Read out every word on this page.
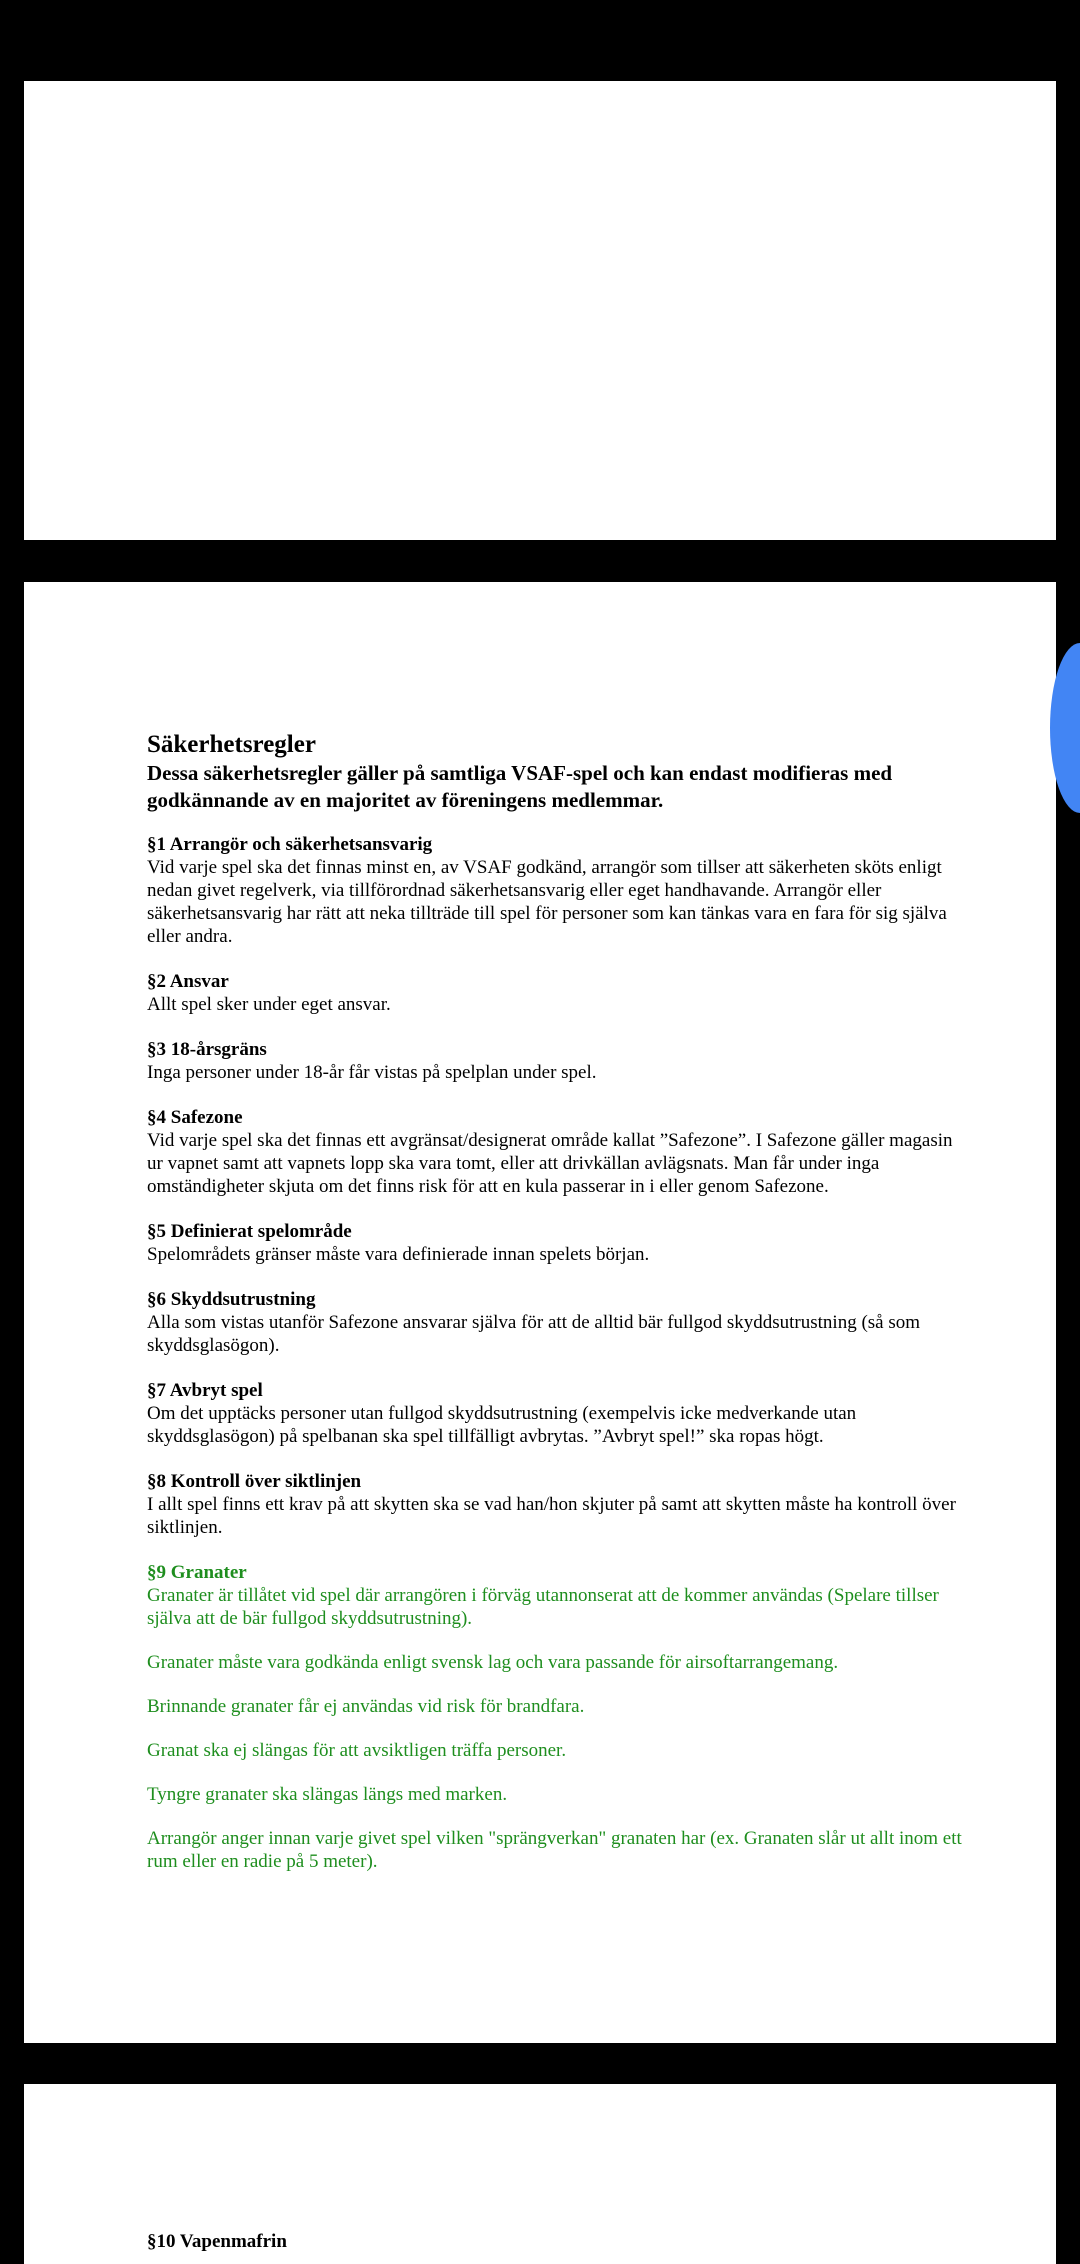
Säkerhetsregler

Dessa säkerhetsregler gäller på samtliga VSAF-spel och kan endast modifieras med godkännande av en majoritet av föreningens medlemmar.

§1 Arrangör och säkerhetsansvarig

Vid varje spel ska det finnas minst en, av VSAF godkänd, arrangör som tillser att säkerheten sköts enligt nedan givet regelverk, via tillförordnad säkerhetsansvarig eller eget handhavande. Arrangör eller säkerhetsansvarig har rätt att neka tillträde till spel för personer som kan tänkas vara en fara för sig själva eller andra.

§2 Ansvar

Allt spel sker under eget ansvar.

§3 18-årsgräns

Inga personer under 18-år får vistas på spelplan under spel.

§4 Safezone

Vid varje spel ska det finnas ett avgränsat/designerat område kallat ”Safezone”. I Safezone gäller magasin ur vapnet samt att vapnets lopp ska vara tomt, eller att drivkällan avlägsnats. Man får under inga omständigheter skjuta om det finns risk för att en kula passerar in i eller genom Safezone.

§5 Definierat spelområde

Spelområdets gränser måste vara definierade innan spelets början.

§6 Skyddsutrustning

Alla som vistas utanför Safezone ansvarar själva för att de alltid bär fullgod skyddsutrustning (så som skyddsglasögon).

§7 Avbryt spel

Om det upptäcks personer utan fullgod skyddsutrustning (exempelvis icke medverkande utan skyddsglasögon) på spelbanan ska spel tillfälligt avbrytas. ”Avbryt spel!” ska ropas högt.

§8 Kontroll över siktlinjen

I allt spel finns ett krav på att skytten ska se vad han/hon skjuter på samt att skytten måste ha kontroll över siktlinjen.

§9 Granater

Granater är tillåtet vid spel där arrangören i förväg utannonserat att de kommer användas (Spelare tillser själva att de bär fullgod skyddsutrustning).

Granater måste vara godkända enligt svensk lag och vara passande för airsoftarrangemang.

Brinnande granater får ej användas vid risk för brandfara.

Granat ska ej slängas för att avsiktligen träffa personer.

Tyngre granater ska slängas längs med marken.

Arrangör anger innan varje givet spel vilken "sprängverkan" granaten har (ex. Granaten slår ut allt inom ett rum eller en radie på 5 meter).

§10 Vapenmafrin
